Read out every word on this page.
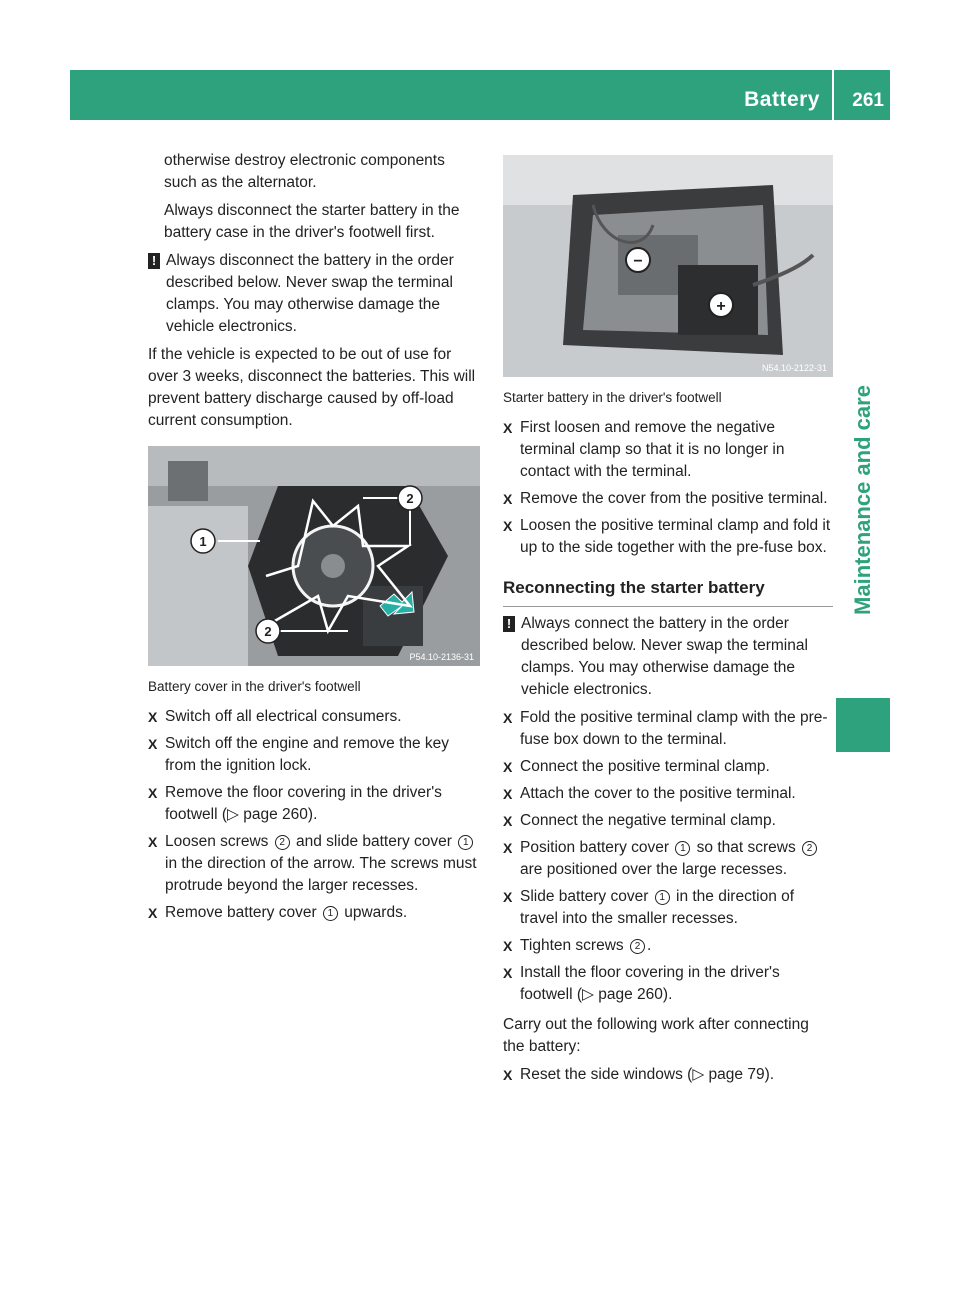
Battery 261
Maintenance and care

otherwise destroy electronic components such as the alternator.

Always disconnect the starter battery in the battery case in the driver's footwell first.

! Always disconnect the battery in the order described below. Never swap the terminal clamps. You may otherwise damage the vehicle electronics.

If the vehicle is expected to be out of use for over 3 weeks, disconnect the batteries. This will prevent battery discharge caused by off-load current consumption.

1
2
2
P54.10-2136-31
Battery cover in the driver's footwell
X Switch off all electrical consumers.
X Switch off the engine and remove the key from the ignition lock.
X Remove the floor covering in the driver's footwell (▷ page 260).
X Loosen screws 2 and slide battery cover 1 in the direction of the arrow. The screws must protrude beyond the larger recesses.
X Remove battery cover 1 upwards.
−
+
N54.10-2122-31
Starter battery in the driver's footwell
X First loosen and remove the negative terminal clamp so that it is no longer in contact with the terminal.
X Remove the cover from the positive terminal.
X Loosen the positive terminal clamp and fold it up to the side together with the pre-fuse box.
Reconnecting the starter battery
! Always connect the battery in the order described below. Never swap the terminal clamps. You may otherwise damage the vehicle electronics.
X Fold the positive terminal clamp with the pre-fuse box down to the terminal.
X Connect the positive terminal clamp.
X Attach the cover to the positive terminal.
X Connect the negative terminal clamp.
X Position battery cover 1 so that screws 2 are positioned over the large recesses.
X Slide battery cover 1 in the direction of travel into the smaller recesses.
X Tighten screws 2 .
X Install the floor covering in the driver's footwell (▷ page 260).

Carry out the following work after connecting the battery:

X Reset the side windows (▷ page 79).
